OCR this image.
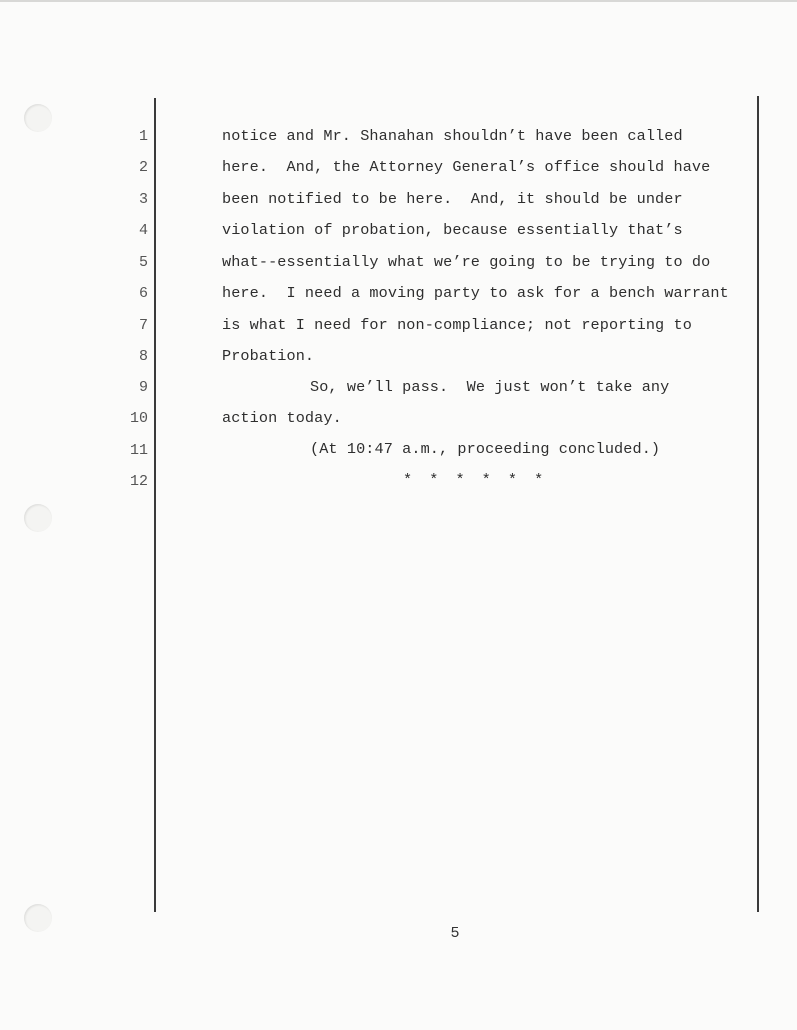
1
2
3
4
5
6
7
8
9
10
11
12
notice and Mr. Shanahan shouldn’t have been called
here.  And, the Attorney General’s office should have
been notified to be here.  And, it should be under
violation of probation, because essentially that’s
what--essentially what we’re going to be trying to do
here.  I need a moving party to ask for a bench warrant
is what I need for non-compliance; not reporting to
Probation.
So, we’ll pass.  We just won’t take any
action today.
(At 10:47 a.m., proceeding concluded.)
* * * * * *
5
